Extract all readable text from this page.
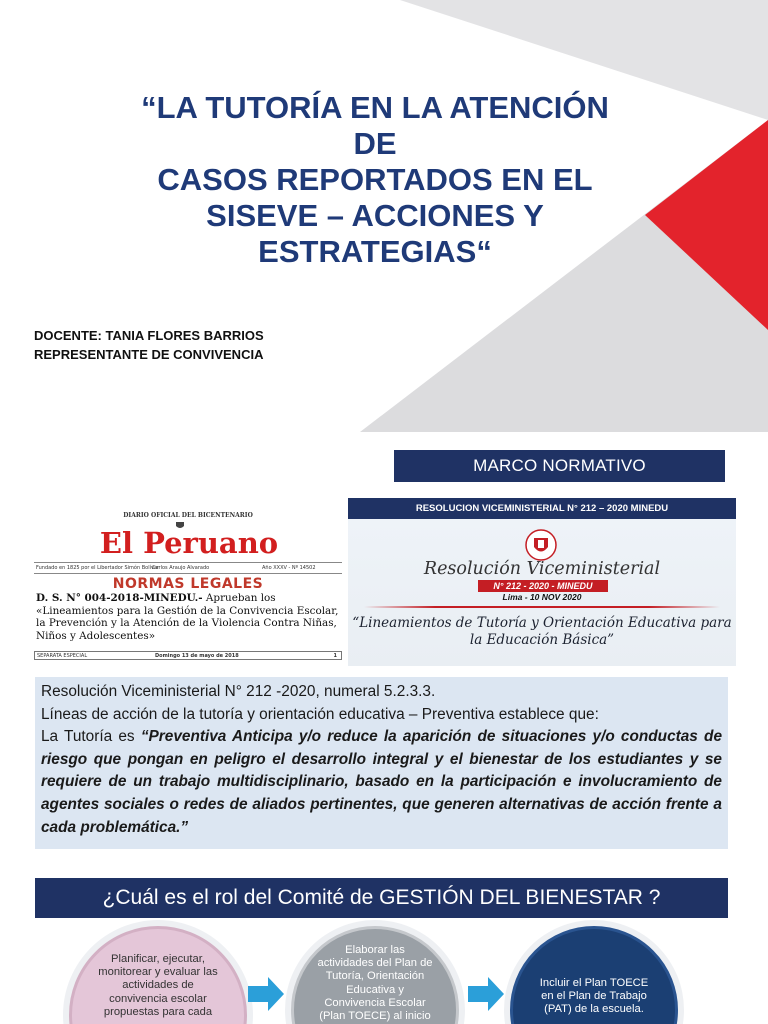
“LA TUTORÍA EN LA ATENCIÓN DE
CASOS REPORTADOS EN EL
SISEVE – ACCIONES Y
ESTRATEGIAS“
DOCENTE: TANIA FLORES BARRIOS
REPRESENTANTE DE CONVIVENCIA
MARCO NORMATIVO
DIARIO OFICIAL DEL BICENTENARIO
El Peruano
Fundado en 1825 por el Libertador Simón Bolívar
Carlos Araujo Alvarado	Año XXXV - Nº 14502
NORMAS LEGALES
D. S. N° 004-2018-MINEDU.- Aprueban los «Lineamientos para la Gestión de la Convivencia Escolar, la Prevención y la Atención de la Violencia Contra Niñas, Niños y Adolescentes»
SEPARATA ESPECIAL	Domingo 13 de mayo de 2018	1
RESOLUCION VICEMINISTERIAL N° 212 – 2020 MINEDU
Resolución Viceministerial
N° 212 - 2020 - MINEDU
Lima - 10 NOV 2020
“Lineamientos de Tutoría y Orientación Educativa para la Educación Básica”

Resolución Viceministerial N° 212 -2020, numeral 5.2.3.3.

Líneas de acción de la tutoría y orientación educativa – Preventiva establece que:

La Tutoría es “Preventiva Anticipa y/o reduce la aparición de situaciones y/o conductas de riesgo que pongan en peligro el desarrollo integral y el bienestar de los estudiantes y se requiere de un trabajo multidisciplinario, basado en la participación e involucramiento de agentes sociales o redes de aliados pertinentes, que generen alternativas de acción frente a cada problemática.”

¿Cuál es el rol del Comité de GESTIÓN DEL BIENESTAR ?
Planificar, ejecutar, monitorear y evaluar las actividades de convivencia escolar propuestas para cada
Elaborar las actividades del Plan de Tutoría, Orientación Educativa y Convivencia Escolar (Plan TOECE) al inicio
Incluir el Plan TOECE en el Plan de Trabajo (PAT) de la escuela.
